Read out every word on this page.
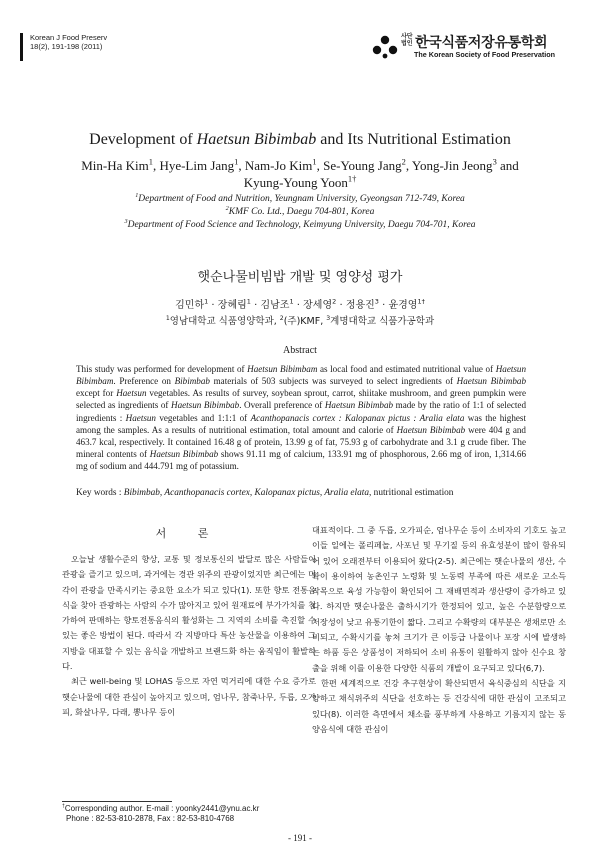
Korean J Food Preserv
18(2), 191-198 (2011)
사단 법인 한국식품저장유통학회
The Korean Society of Food Preservation
Development of Haetsun Bibimbab and Its Nutritional Estimation
Min-Ha Kim$^1$, Hye-Lim Jang$^1$, Nam-Jo Kim$^1$, Se-Young Jang$^2$, Yong-Jin Jeong$^3$ and
Kyung-Young Yoon$^{1\dagger}$
$^1$Department of Food and Nutrition, Yeungnam University, Gyeongsan 712-749, Korea
$^2$KMF Co. Ltd., Daegu 704-801, Korea
$^3$Department of Food Science and Technology, Keimyung University, Daegu 704-701, Korea
햇순나물비빔밥 개발 및 영양성 평가
김민하$^1$ · 장혜림$^1$ · 김남조$^1$ · 장세영$^2$ · 정용진$^3$ · 윤경영$^{1\dagger}$
$^1$영남대학교 식품영양학과, $^2$(주)KMF, $^3$계명대학교 식품가공학과
Abstract
This study was performed for development of Haetsun Bibimbam as local food and estimated nutritional value of Haetsun Bibimbam. Preference on Bibimbab materials of 503 subjects was surveyed to select ingredients of Haetsun Bibimbab except for Haetsun vegetables. As results of survey, soybean sprout, carrot, shiitake mushroom, and green pumpkin were selected as ingredients of Haetsun Bibimbab. Overall preference of Haetsun Bibimbab made by the ratio of 1:1 of selected ingredients : Haetsun vegetables and 1:1:1 of Acanthopanacis cortex : Kalopanax pictus : Aralia elata was the highest among the samples. As a results of nutritional estimation, total amount and calorie of Haetsun Bibimbab were 404 g and 463.7 kcal, respectively. It contained 16.48 g of protein, 13.99 g of fat, 75.93 g of carbohydrate and 3.1 g crude fiber. The mineral contents of Haetsun Bibimbab shows 91.11 mg of calcium, 133.91 mg of phosphorous, 2.66 mg of iron, 1,314.66 mg of sodium and 444.791 mg of potassium.
Key words : Bibimbab, Acanthopanacis cortex, Kalopanax pictus, Aralia elata, nutritional estimation
서 론

오늘날 생활수준의 향상, 교통 및 정보통신의 발달로 많은 사람들이 관광을 즐기고 있으며, 과거에는 경관 위주의 관광이었지만 최근에는 미각이 관광을 만족시키는 중요한 요소가 되고 있다(1). 또한 향토 전통음식을 찾아 관광하는 사람의 수가 많아지고 있어 원재료에 부가가치를 첨가하여 판매하는 향토전통음식의 활성화는 그 지역의 소비를 촉진할 수 있는 좋은 방법이 된다. 따라서 각 지방마다 특산 농산물을 이용하여 그 지방을 대표할 수 있는 음식을 개발하고 브랜드화 하는 움직임이 활발하다.

최근 well-being 및 LOHAS 등으로 자연 먹거리에 대한 수요 증가로 햇순나물에 대한 관심이 높아지고 있으며, 엄나무, 참죽나무, 두릅, 오가피, 화살나무, 다래, 뽕나무 등이

대표적이다. 그 중 두릅, 오가피순, 엄나무순 등이 소비자의 기호도 높고 이들 일에는 폴리페놀, 사포닌 및 무기질 등의 유효성분이 많이 함유되어 있어 오래전부터 이용되어 왔다(2-5). 최근에는 햇순나물의 생산, 수확이 용이하여 농촌인구 노령화 및 노동력 부족에 따른 새로운 고소득 작목으로 육성 가능함이 확인되어 그 재배면적과 생산량이 증가하고 있다. 하지만 햇순나물은 출하시기가 한정되어 있고, 높은 수분함량으로 저장성이 낮고 유통기한이 짧다. 그리고 수확량의 대부분은 생채로만 소비되고, 수확시기를 놓쳐 크기가 큰 이등급 나물이나 포장 시에 발생하는 하품 등은 상품성이 저하되어 소비 유통이 원활하지 않아 신수요 창출을 위해 이를 이용한 다양한 식품의 개발이 요구되고 있다(6,7).

한편 세계적으로 건강 추구현상이 확산되면서 육식중심의 식단을 지양하고 채식위주의 식단을 선호하는 등 건강식에 대한 관심이 고조되고 있다(8). 이러한 측면에서 채소를 풍부하게 사용하고 기름지지 않는 동양음식에 대한 관심이

†Corresponding author. E-mail : yoonky2441@ynu.ac.kr
Phone : 82-53-810-2878, Fax : 82-53-810-4768
- 191 -
